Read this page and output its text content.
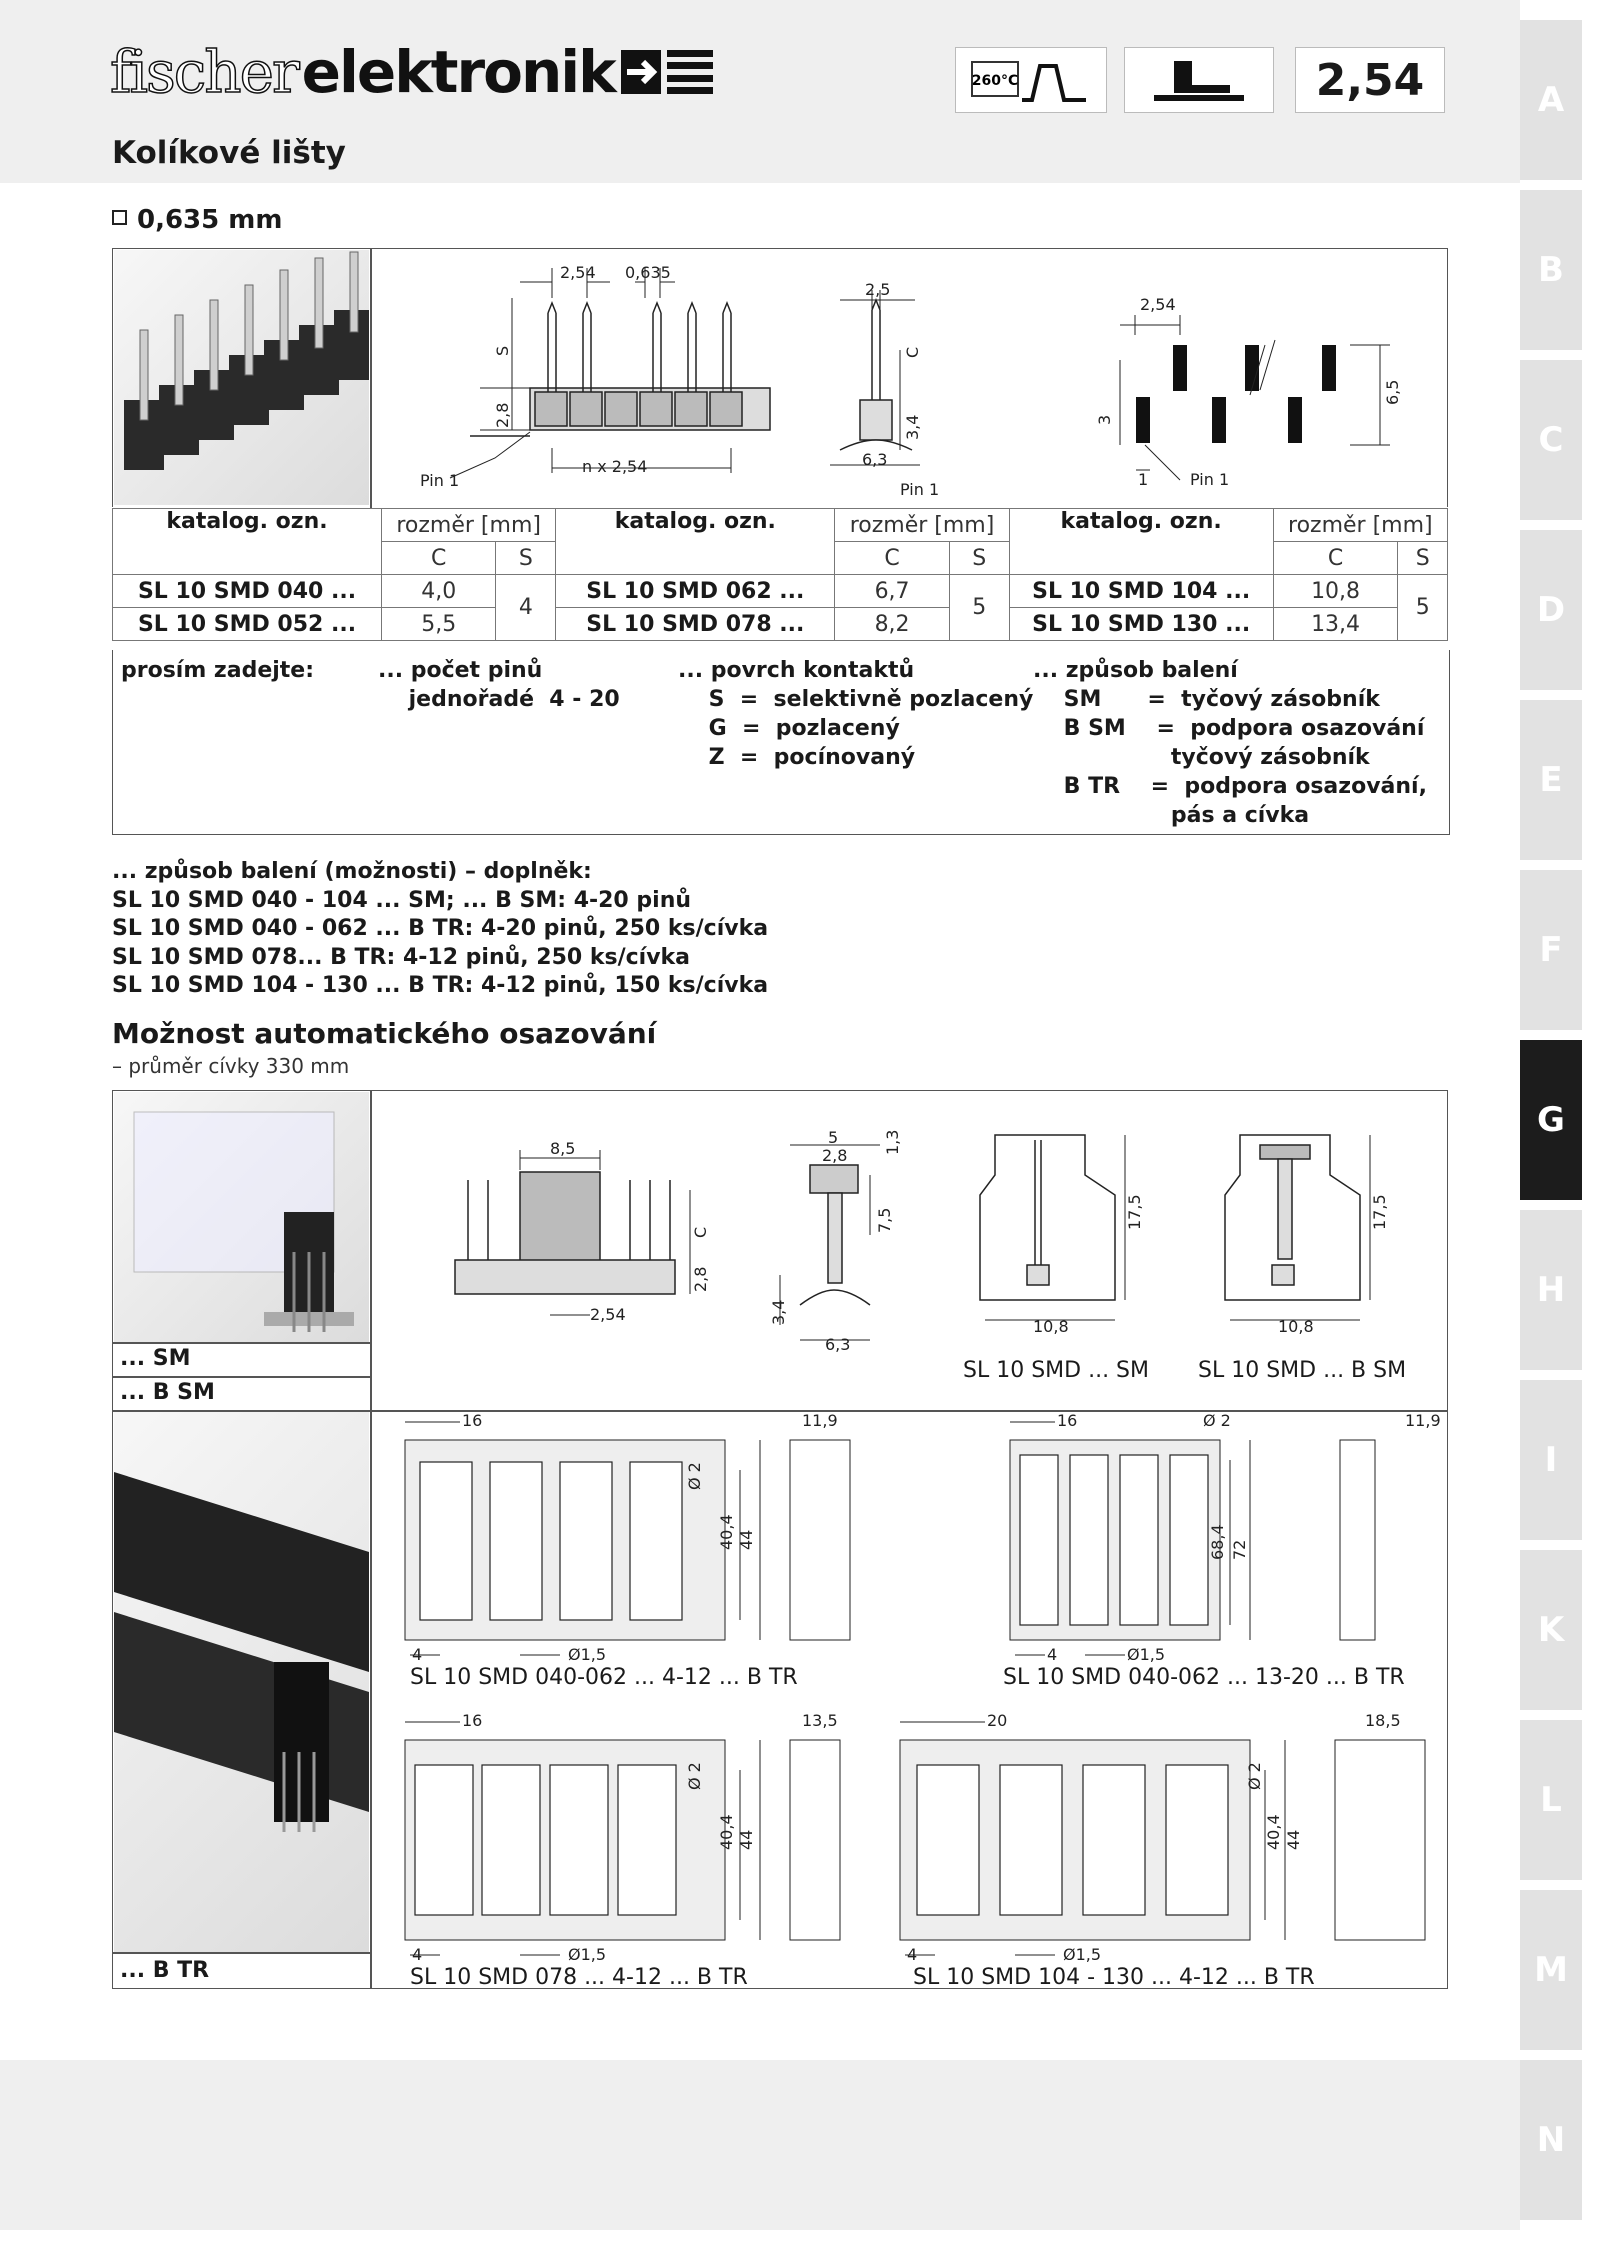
fischer elektronik	260°C	2,54
Kolíkové lišty
0,635 mm
2,54 0,635
S
2,8
Pin 1
n x 2,54
2,5
C
3,4
6,3
Pin 1
2,54
3
6,5
1	Pin 1
katalog. ozn.	rozměr [mm]		katalog. ozn.	rozměr [mm]		katalog. ozn.	rozměr [mm]	
	C	S		C	S		C	S
SL 10 SMD 040 ...	4,0	4	SL 10 SMD 062 ...	6,7	5	SL 10 SMD 104 ...	10,8	5
SL 10 SMD 052 ...	5,5		SL 10 SMD 078 ...	8,2		SL 10 SMD 130 ...	13,4	
prosím zadejte:	... počet pinů
jednořadé  4 - 20
... povrch kontaktů
S  =  selektivně pozlacený
G  =  pozlacený
Z  =  pocínovaný
... způsob balení
SM      =  tyčový zásobník
B SM    =  podpora osazování
tyčový zásobník
B TR    =  podpora osazování,
pás a cívka
... způsob balení (možnosti) – doplněk:
SL 10 SMD 040 - 104 ... SM; ... B SM: 4-20 pinů
SL 10 SMD 040 - 062 ... B TR: 4-20 pinů, 250 ks/cívka
SL 10 SMD 078... B TR: 4-12 pinů, 250 ks/cívka
SL 10 SMD 104 - 130 ... B TR: 4-12 pinů, 150 ks/cívka
Možnost automatického osazování
– průměr cívky 330 mm
... SM
... B SM
8,5
C
2,8
2,54
5	1,3
2,8
7,5
3,4
6,3
17,5
10,8
SL 10 SMD ... SM
17,5
10,8
SL 10 SMD ... B SM
... B TR
16	11,9
Ø 2
40,4 44
4	Ø1,5
SL 10 SMD 040-062 ... 4-12 ... B TR
16	Ø 2	11,9
68,4 72
4	Ø1,5
SL 10 SMD 040-062 ... 13-20 ... B TR
16	13,5
Ø 2
40,4 44
4	Ø1,5
SL 10 SMD 078 ... 4-12 ... B TR
20	18,5
Ø 2
40,4 44
4	Ø1,5
SL 10 SMD 104 - 130 ... 4-12 ... B TR
A
B
C
D
E
F
G
H
I
K
L
M
N
